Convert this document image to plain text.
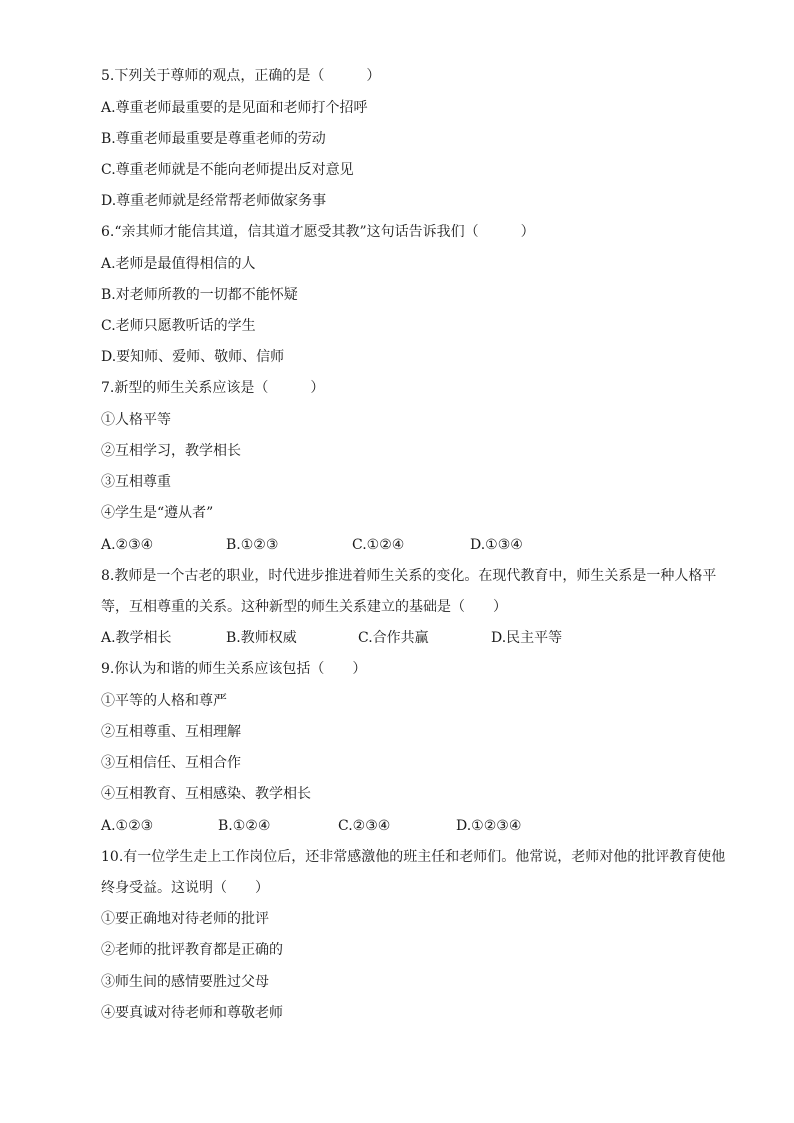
5.下列关于尊师的观点，正确的是（　　　）
A.尊重老师最重要的是见面和老师打个招呼
B.尊重老师最重要是尊重老师的劳动
C.尊重老师就是不能向老师提出反对意见
D.尊重老师就是经常帮老师做家务事
6.“亲其师才能信其道，信其道才愿受其教”这句话告诉我们（　　　）
A.老师是最值得相信的人
B.对老师所教的一切都不能怀疑
C.老师只愿教听话的学生
D.要知师、爱师、敬师、信师
7.新型的师生关系应该是（　　　）
①人格平等
②互相学习，教学相长
③互相尊重
④学生是“遵从者”
A.②③④	B.①②③	C.①②④	D.①③④
8.教师是一个古老的职业，时代进步推进着师生关系的变化。在现代教育中，师生关系是一种人格平
等，互相尊重的关系。这种新型的师生关系建立的基础是（　　）
A.教学相长	B.教师权威	C.合作共赢	D.民主平等
9.你认为和谐的师生关系应该包括（　　）
①平等的人格和尊严
②互相尊重、互相理解
③互相信任、互相合作
④互相教育、互相感染、教学相长
A.①②③	B.①②④	C.②③④	D.①②③④
10.有一位学生走上工作岗位后，还非常感激他的班主任和老师们。他常说，老师对他的批评教育使他
终身受益。这说明（　　）
①要正确地对待老师的批评
②老师的批评教育都是正确的
③师生间的感情要胜过父母
④要真诚对待老师和尊敬老师
